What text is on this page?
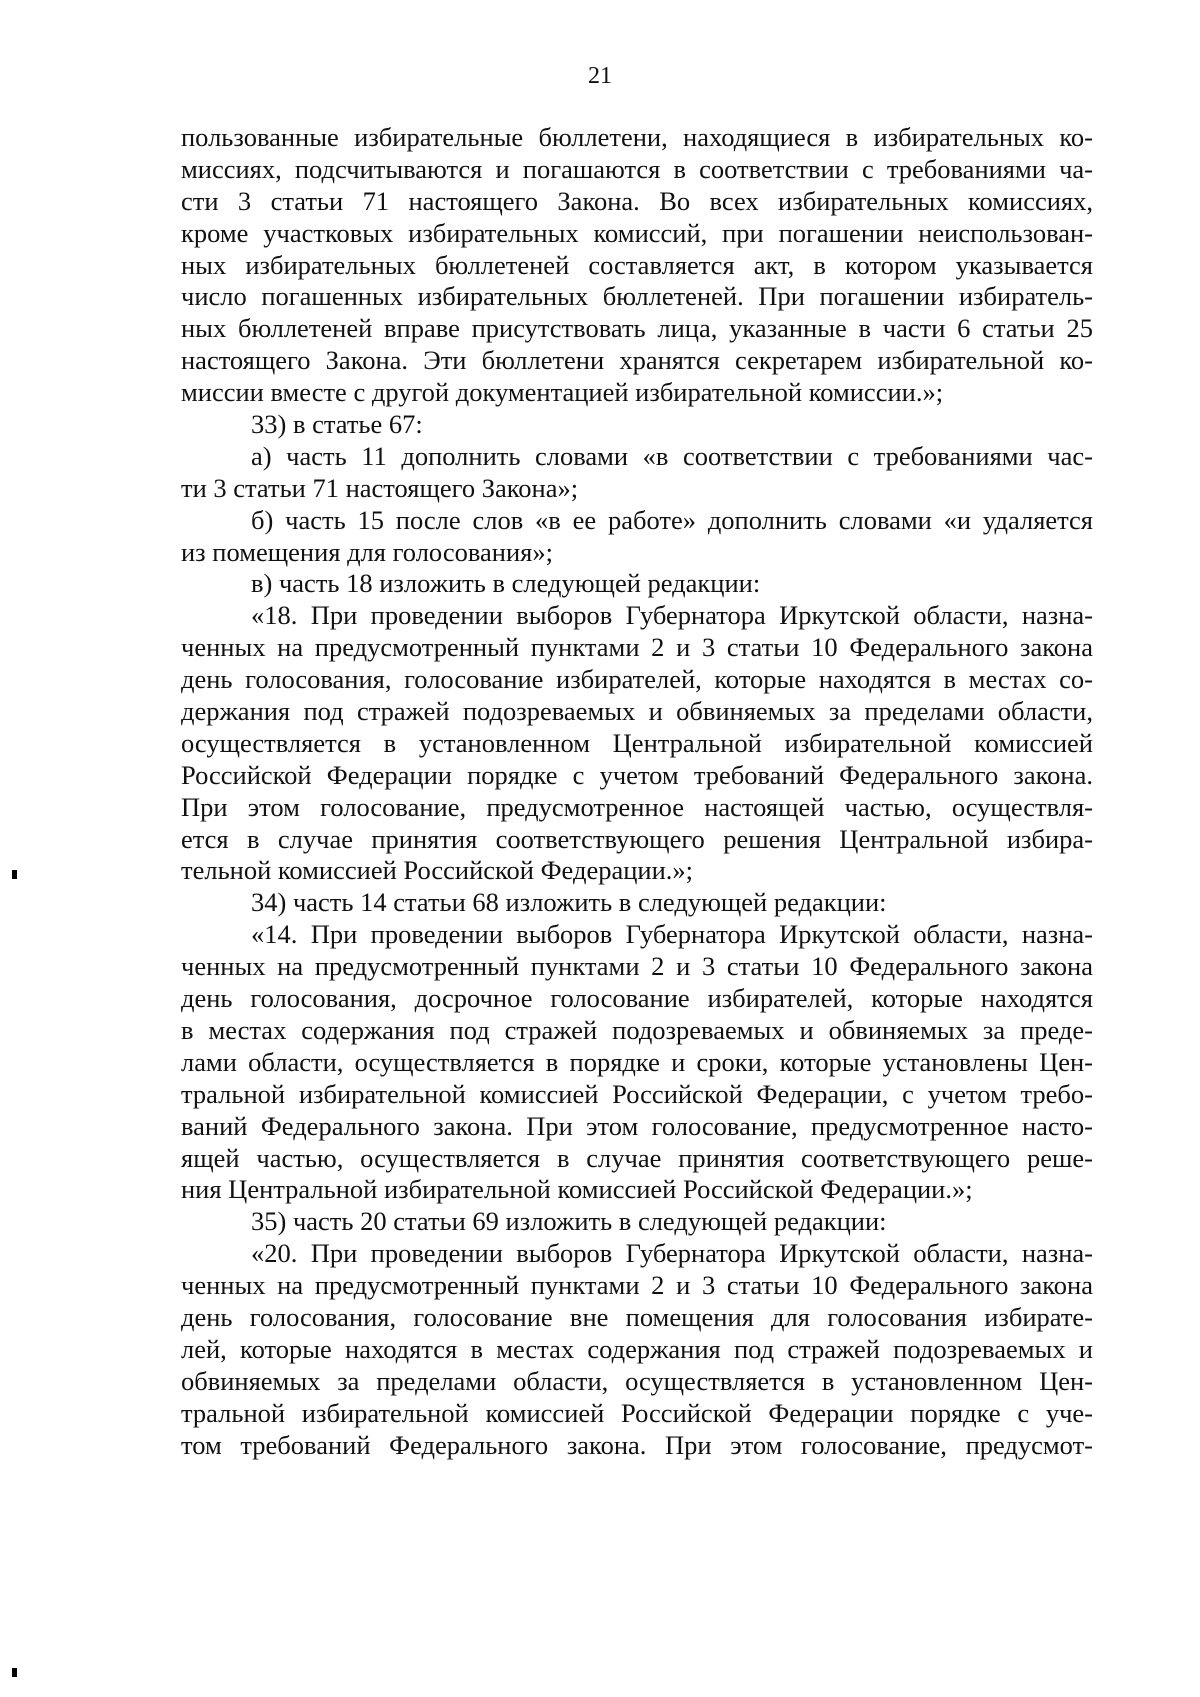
21
пользованные избирательные бюллетени, находящиеся в избирательных ко-
миссиях, подсчитываются и погашаются в соответствии с требованиями ча-
сти 3 статьи 71 настоящего Закона. Во всех избирательных комиссиях,
кроме участковых избирательных комиссий, при погашении неиспользован-
ных избирательных бюллетеней составляется акт, в котором указывается
число погашенных избирательных бюллетеней. При погашении избиратель-
ных бюллетеней вправе присутствовать лица, указанные в части 6 статьи 25
настоящего Закона. Эти бюллетени хранятся секретарем избирательной ко-
миссии вместе с другой документацией избирательной комиссии.»;
33) в статье 67:
а) часть 11 дополнить словами «в соответствии с требованиями час-
ти 3 статьи 71 настоящего Закона»;
б) часть 15 после слов «в ее работе» дополнить словами «и удаляется
из помещения для голосования»;
в) часть 18 изложить в следующей редакции:
«18. При проведении выборов Губернатора Иркутской области, назна-
ченных на предусмотренный пунктами 2 и 3 статьи 10 Федерального закона
день голосования, голосование избирателей, которые находятся в местах со-
держания под стражей подозреваемых и обвиняемых за пределами области,
осуществляется в установленном Центральной избирательной комиссией
Российской Федерации порядке с учетом требований Федерального закона.
При этом голосование, предусмотренное настоящей частью, осуществля-
ется в случае принятия соответствующего решения Центральной избира-
тельной комиссией Российской Федерации.»;
34) часть 14 статьи 68 изложить в следующей редакции:
«14. При проведении выборов Губернатора Иркутской области, назна-
ченных на предусмотренный пунктами 2 и 3 статьи 10 Федерального закона
день голосования, досрочное голосование избирателей, которые находятся
в местах содержания под стражей подозреваемых и обвиняемых за преде-
лами области, осуществляется в порядке и сроки, которые установлены Цен-
тральной избирательной комиссией Российской Федерации, с учетом требо-
ваний Федерального закона. При этом голосование, предусмотренное насто-
ящей частью, осуществляется в случае принятия соответствующего реше-
ния Центральной избирательной комиссией Российской Федерации.»;
35) часть 20 статьи 69 изложить в следующей редакции:
«20. При проведении выборов Губернатора Иркутской области, назна-
ченных на предусмотренный пунктами 2 и 3 статьи 10 Федерального закона
день голосования, голосование вне помещения для голосования избирате-
лей, которые находятся в местах содержания под стражей подозреваемых и
обвиняемых за пределами области, осуществляется в установленном Цен-
тральной избирательной комиссией Российской Федерации порядке с уче-
том требований Федерального закона. При этом голосование, предусмот-
